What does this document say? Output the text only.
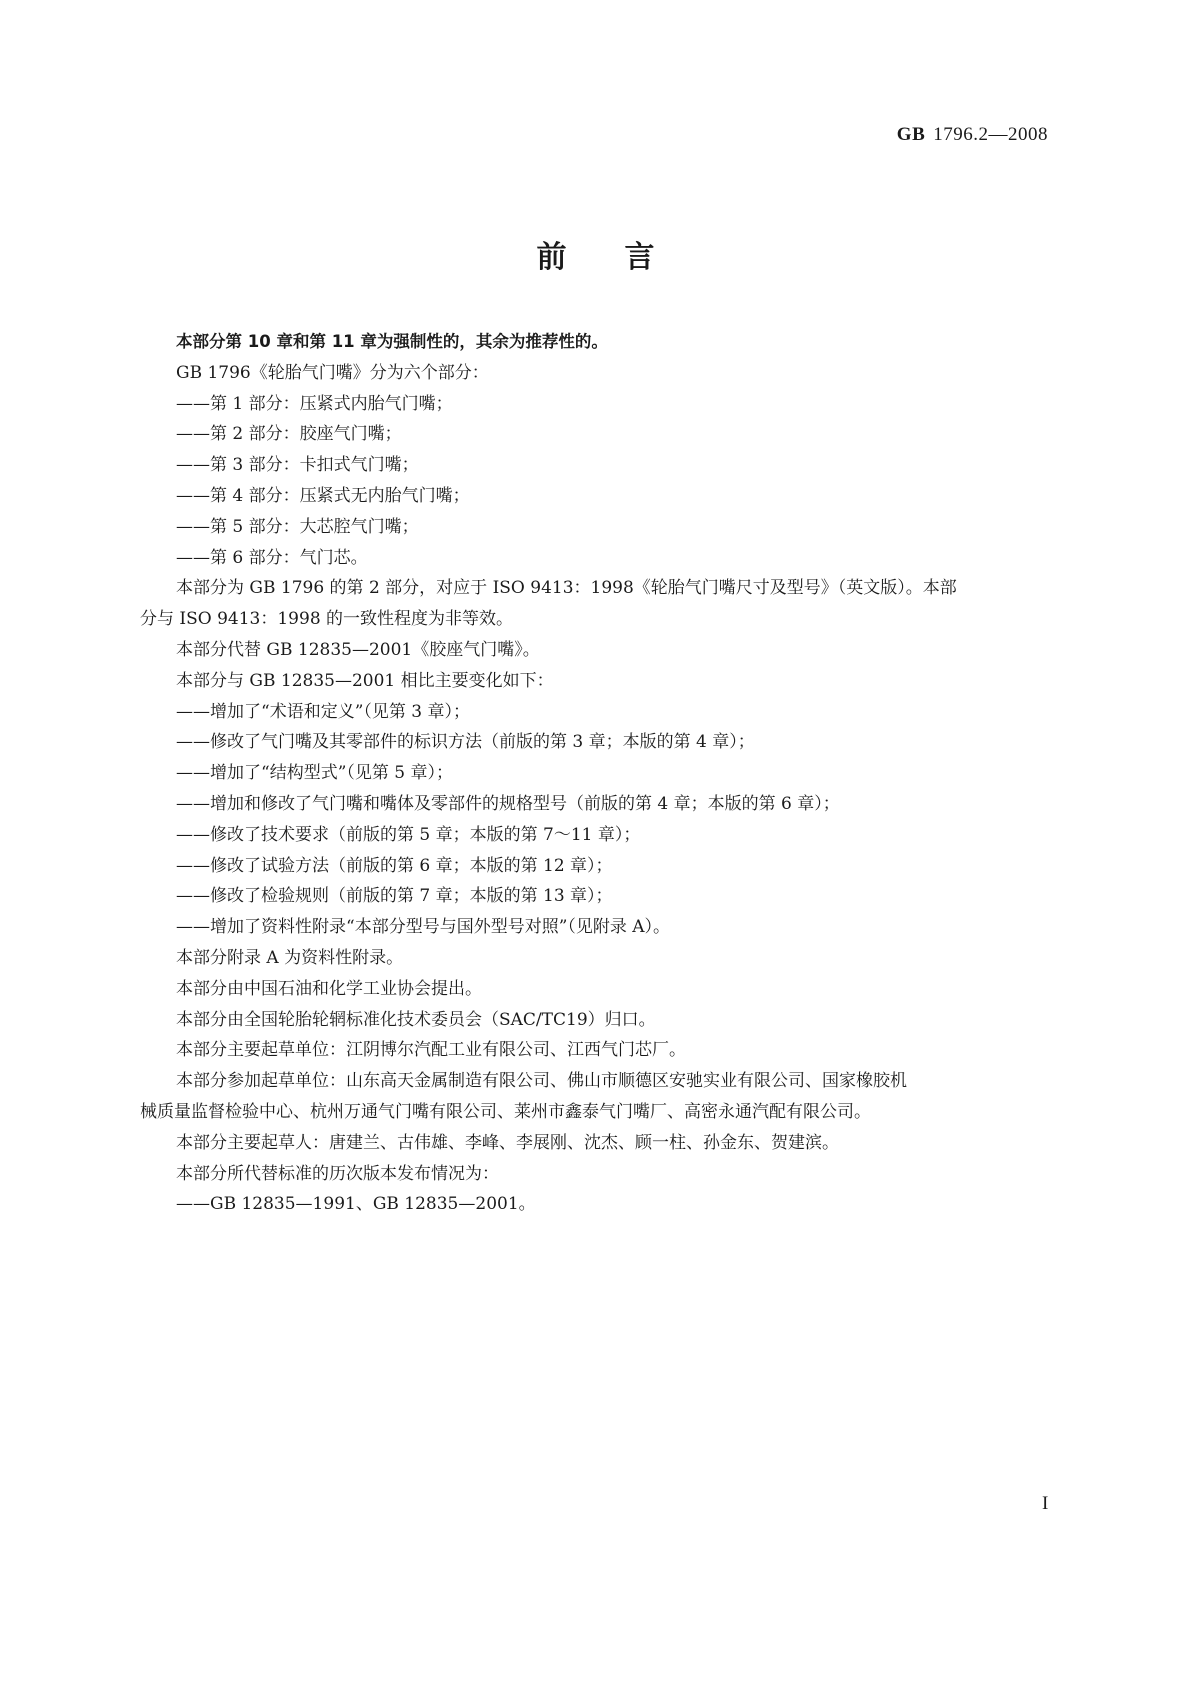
GB 1796.2—2008
前言
本部分第 10 章和第 11 章为强制性的，其余为推荐性的。
GB 1796《轮胎气门嘴》分为六个部分：
——第 1 部分：压紧式内胎气门嘴；
——第 2 部分：胶座气门嘴；
——第 3 部分：卡扣式气门嘴；
——第 4 部分：压紧式无内胎气门嘴；
——第 5 部分：大芯腔气门嘴；
——第 6 部分：气门芯。
本部分为 GB 1796 的第 2 部分，对应于 ISO 9413：1998《轮胎气门嘴尺寸及型号》（英文版）。本部
分与 ISO 9413：1998 的一致性程度为非等效。
本部分代替 GB 12835—2001《胶座气门嘴》。
本部分与 GB 12835—2001 相比主要变化如下：
——增加了“术语和定义”（见第 3 章）；
——修改了气门嘴及其零部件的标识方法（前版的第 3 章；本版的第 4 章）；
——增加了“结构型式”（见第 5 章）；
——增加和修改了气门嘴和嘴体及零部件的规格型号（前版的第 4 章；本版的第 6 章）；
——修改了技术要求（前版的第 5 章；本版的第 7～11 章）；
——修改了试验方法（前版的第 6 章；本版的第 12 章）；
——修改了检验规则（前版的第 7 章；本版的第 13 章）；
——增加了资料性附录“本部分型号与国外型号对照”（见附录 A）。
本部分附录 A 为资料性附录。
本部分由中国石油和化学工业协会提出。
本部分由全国轮胎轮辋标准化技术委员会（SAC/TC19）归口。
本部分主要起草单位：江阴博尔汽配工业有限公司、江西气门芯厂。
本部分参加起草单位：山东高天金属制造有限公司、佛山市顺德区安驰实业有限公司、国家橡胶机
械质量监督检验中心、杭州万通气门嘴有限公司、莱州市鑫泰气门嘴厂、高密永通汽配有限公司。
本部分主要起草人：唐建兰、古伟雄、李峰、李展刚、沈杰、顾一柱、孙金东、贺建滨。
本部分所代替标准的历次版本发布情况为：
——GB 12835—1991、GB 12835—2001。
I
